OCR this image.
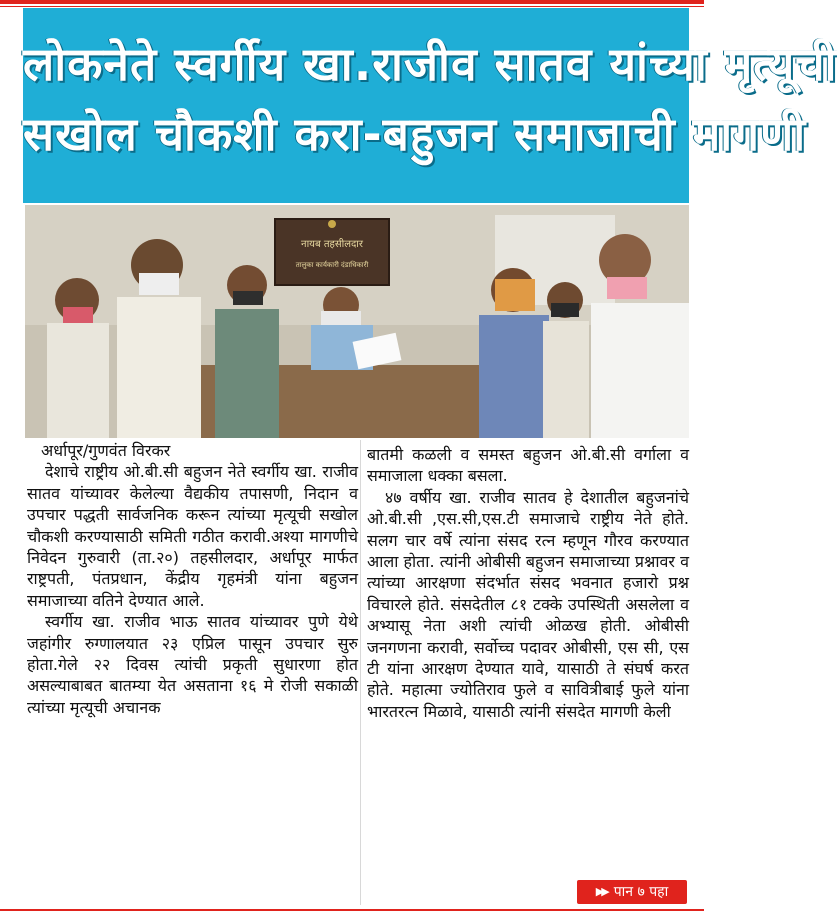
लोकनेते स्वर्गीय खा.राजीव सातव यांच्या मृत्यूची
सखोल चौकशी करा-बहुजन समाजाची मागणी
नायब तहसीलदार
तालुका कार्यकारी दंडाधिकारी
अर्धापूर/गुणवंत विरकर

देशाचे राष्ट्रीय ओ.बी.सी बहुजन नेते स्वर्गीय खा. राजीव सातव यांच्यावर केलेल्या वैद्यकीय तपासणी, निदान व उपचार पद्धती सार्वजनिक करून त्यांच्या मृत्यूची सखोल चौकशी करण्यासाठी समिती गठीत करावी.अश्या मागणीचे निवेदन गुरुवारी (ता.२०) तहसीलदार, अर्धापूर मार्फत राष्ट्रपती, पंतप्रधान, केंद्रीय गृहमंत्री यांना बहुजन समाजाच्या वतिने देण्यात आले.

स्वर्गीय खा. राजीव भाऊ सातव यांच्यावर पुणे येथे जहांगीर रुग्णालयात २३ एप्रिल पासून उपचार सुरु होता.गेले २२ दिवस त्यांची प्रकृती सुधारणा होत असल्याबाबत बातम्या येत असताना १६ मे रोजी सकाळी त्यांच्या मृत्यूची अचानक

बातमी कळली व समस्त बहुजन ओ.बी.सी वर्गाला व समाजाला धक्का बसला.

४७ वर्षीय खा. राजीव सातव हे देशातील बहुजनांचे ओ.बी.सी ,एस.सी,एस.टी समाजाचे राष्ट्रीय नेते होते. सलग चार वर्षे त्यांना संसद रत्न म्हणून गौरव करण्यात आला होता. त्यांनी ओबीसी बहुजन समाजाच्या प्रश्नावर व त्यांच्या आरक्षणा संदर्भात संसद भवनात हजारो प्रश्न विचारले होते. संसदेतील ८१ टक्के उपस्थिती असलेला व अभ्यासू नेता अशी त्यांची ओळख होती. ओबीसी जनगणना करावी, सर्वोच्च पदावर ओबीसी, एस सी, एस टी यांना आरक्षण देण्यात यावे, यासाठी ते संघर्ष करत होते. महात्मा ज्योतिराव फुले व सावित्रीबाई फुले यांना भारतरत्न मिळावे, यासाठी त्यांनी संसदेत मागणी केली

▶▶ पान ७ पहा
